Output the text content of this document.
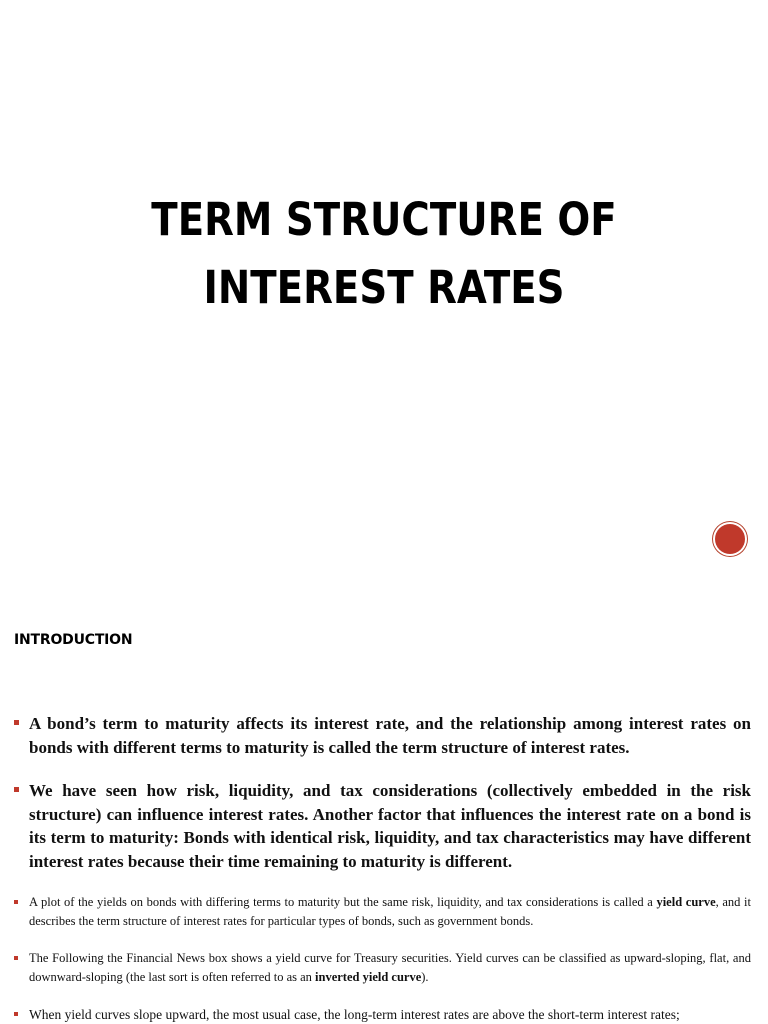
TERM STRUCTURE OF
INTEREST RATES
INTRODUCTION
A bond’s term to maturity affects its interest rate, and the relationship among interest rates on bonds with different terms to maturity is called the term structure of interest rates.
We have seen how risk, liquidity, and tax considerations (collectively embedded in the risk structure) can influence interest rates. Another factor that influences the interest rate on a bond is its term to maturity: Bonds with identical risk, liquidity, and tax characteristics may have different interest rates because their time remaining to maturity is different.
A plot of the yields on bonds with differing terms to maturity but the same risk, liquidity, and tax considerations is called a yield curve, and it describes the term structure of interest rates for particular types of bonds, such as government bonds.
The Following the Financial News box shows a yield curve for Treasury securities. Yield curves can be classified as upward-sloping, flat, and downward-sloping (the last sort is often referred to as an inverted yield curve).
When yield curves slope upward, the most usual case, the long-term interest rates are above the short-term interest rates;
